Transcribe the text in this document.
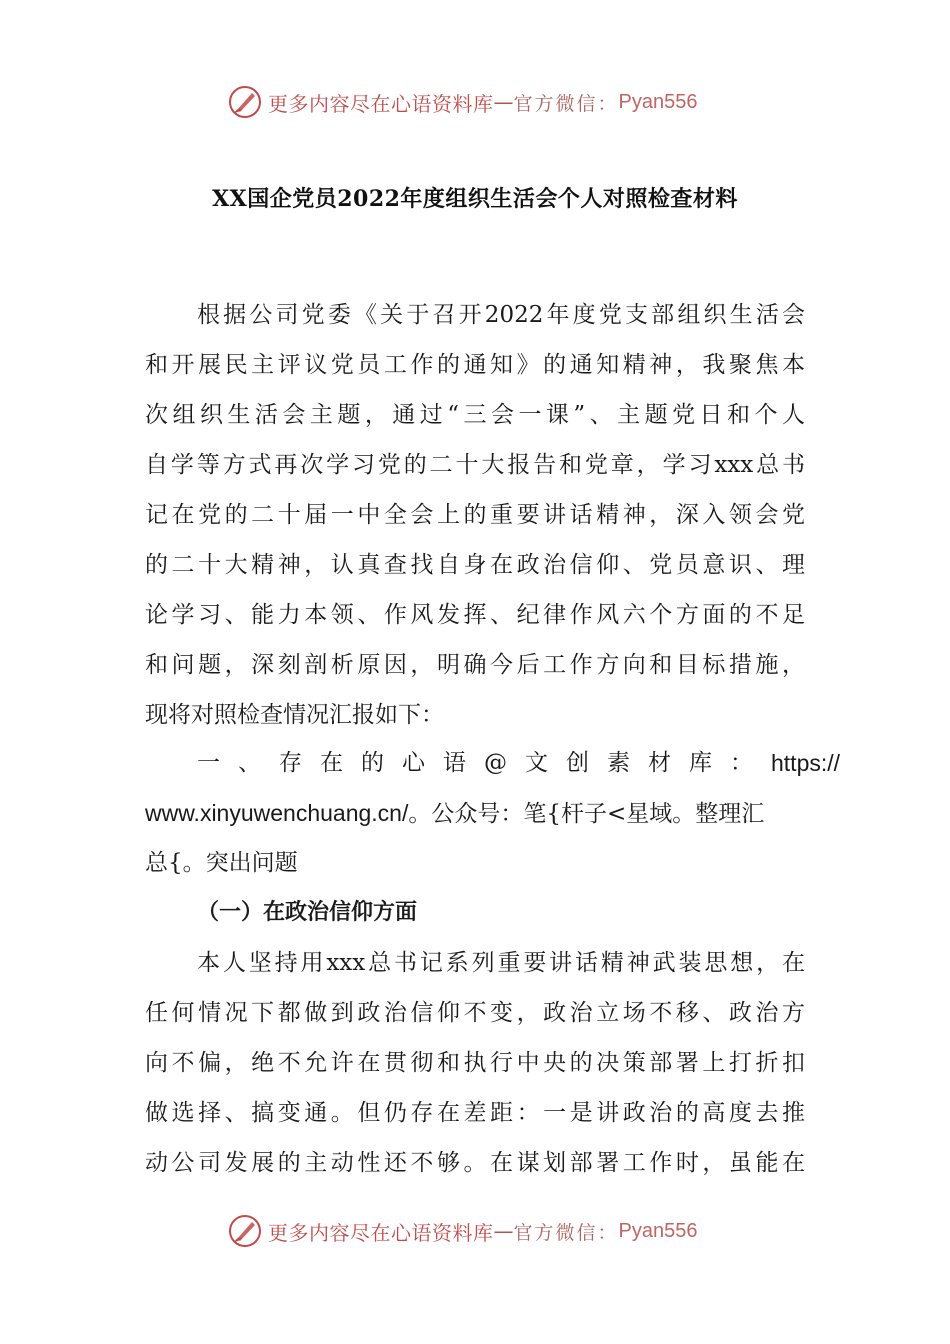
更多内容尽在心语资料库 — 官方微信： Pyan556
XX国企党员2022年度组织生活会个人对照检查材料
根据公司党委《关于召开2022年度党支部组织生活会
和开展民主评议党员工作的通知》的通知精神，我聚焦本
次组织生活会主题，通过“三会一课”、主题党日和个人
自学等方式再次学习党的二十大报告和党章，学习xxx总书
记在党的二十届一中全会上的重要讲话精神，深入领会党
的二十大精神，认真查找自身在政治信仰、党员意识、理
论学习、能力本领、作风发挥、纪律作风六个方面的不足
和问题，深刻剖析原因，明确今后工作方向和目标措施，
现将对照检查情况汇报如下：
一、存在的心语@文创素材库： https://
www.xinyuwenchuang.cn/。公众号：笔{杆子<星域。整理汇
总{。突出问题
（一）在政治信仰方面
本人坚持用xxx总书记系列重要讲话精神武装思想，在
任何情况下都做到政治信仰不变，政治立场不移、政治方
向不偏，绝不允许在贯彻和执行中央的决策部署上打折扣
做选择、搞变通。但仍存在差距：一是讲政治的高度去推
动公司发展的主动性还不够。在谋划部署工作时，虽能在
更多内容尽在心语资料库 — 官方微信： Pyan556
